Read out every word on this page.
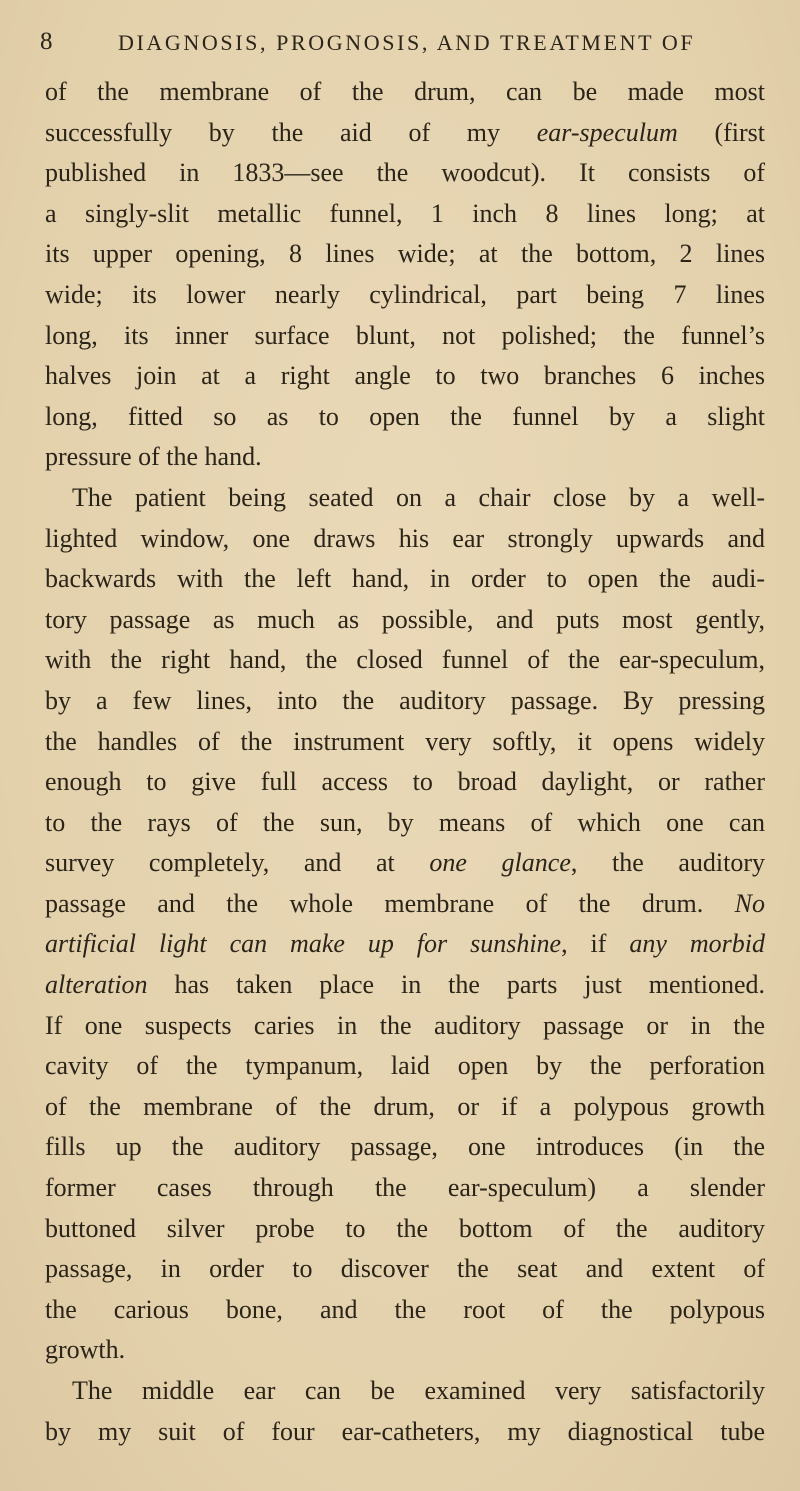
8	DIAGNOSIS, PROGNOSIS, AND TREATMENT OF
of the membrane of the drum, can be made most
successfully by the aid of my ear-speculum (first
published in 1833—see the woodcut). It consists of
a singly-slit metallic funnel, 1 inch 8 lines long; at
its upper opening, 8 lines wide; at the bottom, 2 lines
wide; its lower nearly cylindrical, part being 7 lines
long, its inner surface blunt, not polished; the funnel’s
halves join at a right angle to two branches 6 inches
long, fitted so as to open the funnel by a slight
pressure of the hand.
The patient being seated on a chair close by a well-
lighted window, one draws his ear strongly upwards and
backwards with the left hand, in order to open the audi-
tory passage as much as possible, and puts most gently,
with the right hand, the closed funnel of the ear-speculum,
by a few lines, into the auditory passage. By pressing
the handles of the instrument very softly, it opens widely
enough to give full access to broad daylight, or rather
to the rays of the sun, by means of which one can
survey completely, and at one glance, the auditory
passage and the whole membrane of the drum. No
artificial light can make up for sunshine, if any morbid
alteration has taken place in the parts just mentioned.
If one suspects caries in the auditory passage or in the
cavity of the tympanum, laid open by the perforation
of the membrane of the drum, or if a polypous growth
fills up the auditory passage, one introduces (in the
former cases through the ear-speculum) a slender
buttoned silver probe to the bottom of the auditory
passage, in order to discover the seat and extent of
the carious bone, and the root of the polypous
growth.
The middle ear can be examined very satisfactorily
by my suit of four ear-catheters, my diagnostical tube
